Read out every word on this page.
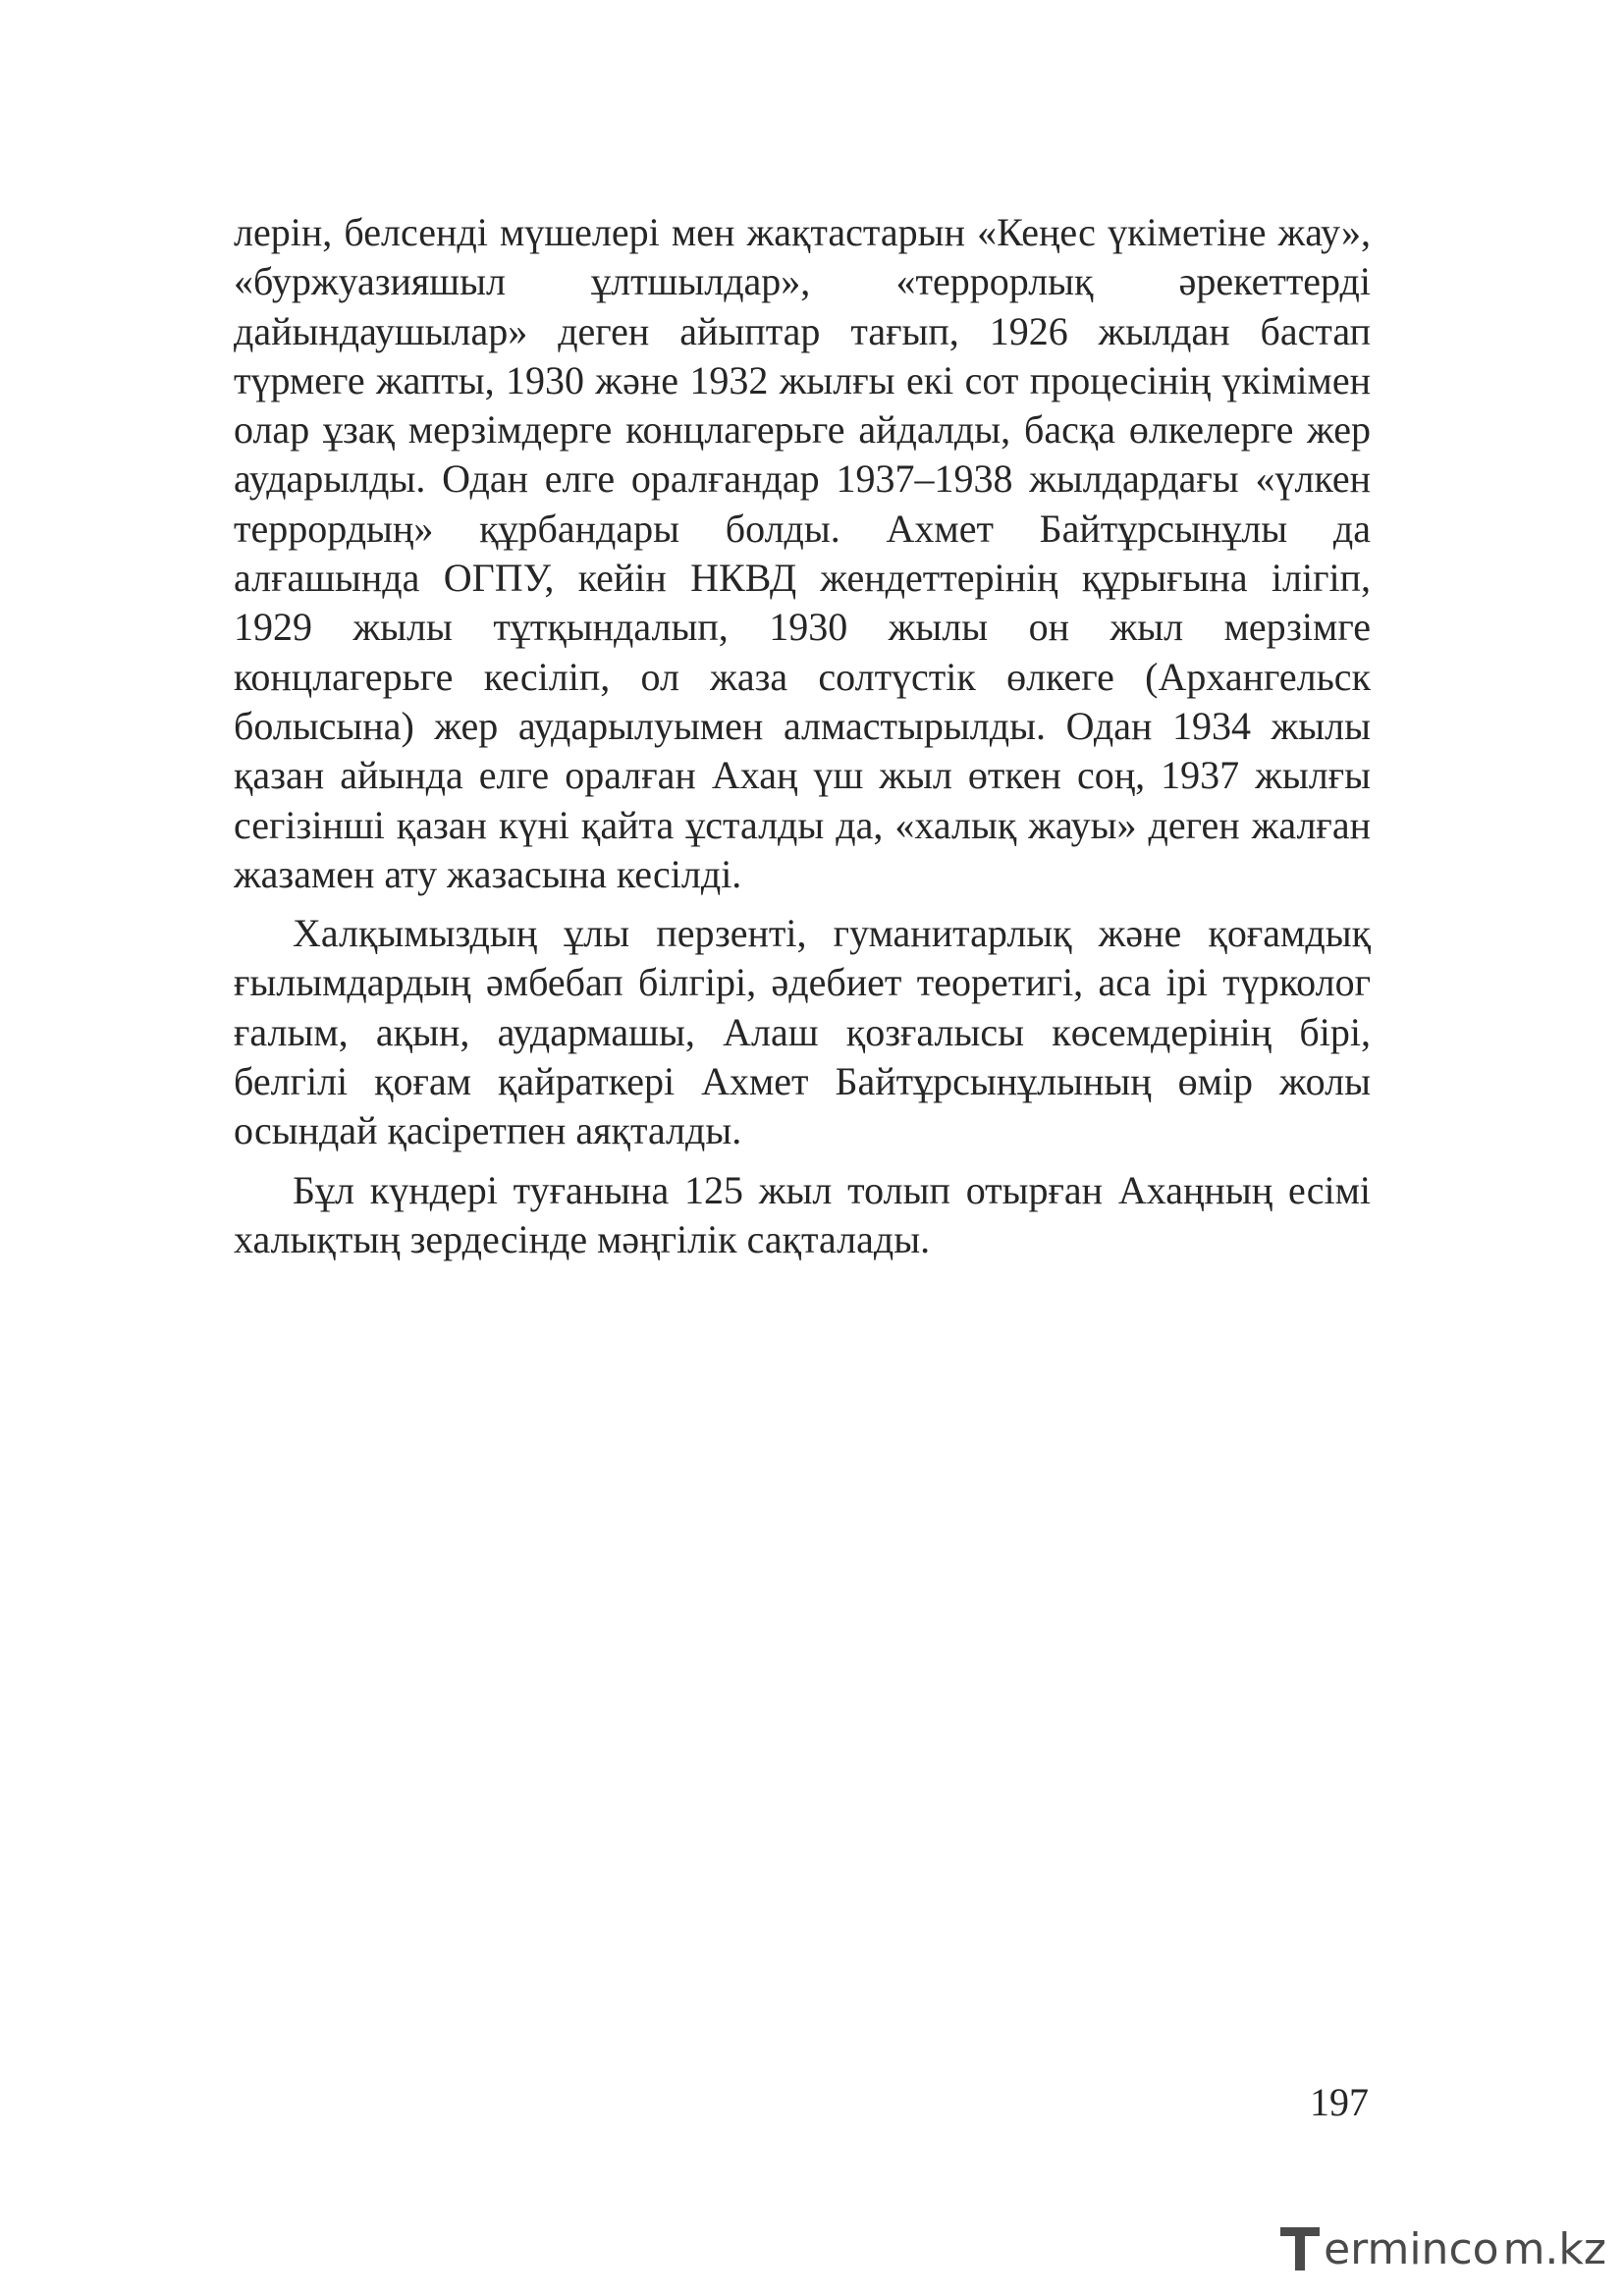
лерін, белсенді мүшелері мен жақтастарын «Кеңес үкіметіне жау», «буржуазияшыл ұлтшылдар», «террорлық әрекеттерді дайындаушылар» деген айыптар тағып, 1926 жылдан бастап түрмеге жапты, 1930 және 1932 жылғы екі сот процесінің үкімімен олар ұзақ мерзімдерге концлагерьге айдалды, басқа өлкелерге жер аударылды. Одан елге оралғандар 1937–1938 жылдардағы «үлкен террордың» құрбандары болды. Ахмет Байтұрсынұлы да алғашында ОГПУ, кейін НКВД жендеттерінің құрығына ілігіп, 1929 жылы тұтқындалып, 1930 жылы он жыл мерзімге концлагерьге кесіліп, ол жаза солтүстік өлкеге (Архангельск болысына) жер аударылуымен алмастырылды. Одан 1934 жылы қазан айында елге оралған Ахаң үш жыл өткен соң, 1937 жылғы сегізінші қазан күні қайта ұсталды да, «халық жауы» деген жалған жазамен ату жазасына кесілді.

Халқымыздың ұлы перзенті, гуманитарлық және қоғамдық ғылымдардың әмбебап білгірі, әдебиет теоретигі, аса ірі түрколог ғалым, ақын, аудармашы, Алаш қозғалысы көсемдерінің бірі, белгілі қоғам қайраткері Ахмет Байтұрсынұлының өмір жолы осындай қасіретпен аяқталды.

Бұл күндері туғанына 125 жыл толып отырған Ахаңның есімі халықтың зердесінде мәңгілік сақталады.

197
ermincо m.kz
